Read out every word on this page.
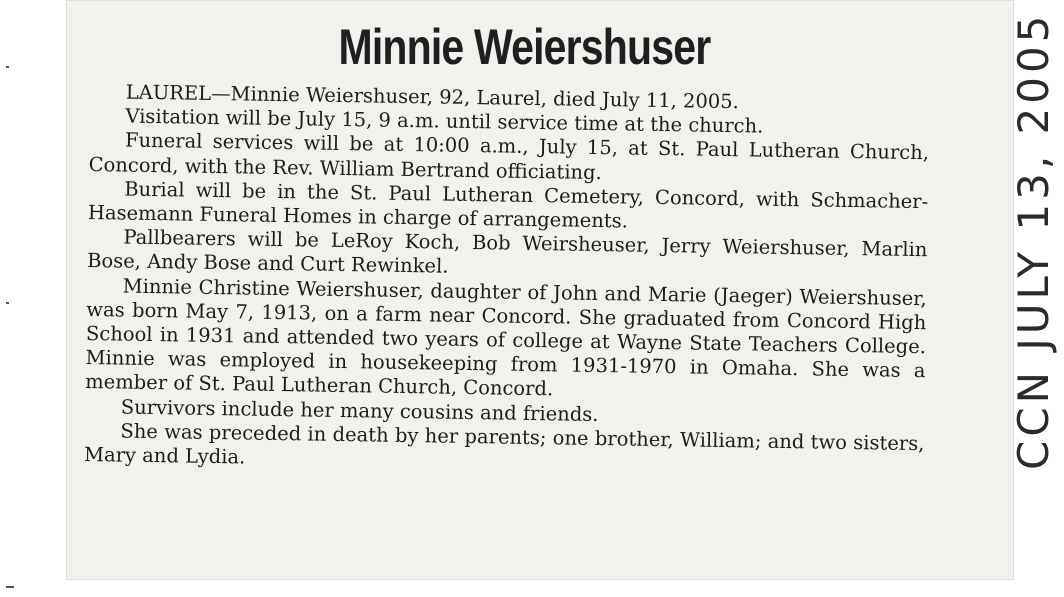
Minnie Weiershuser

LAUREL—Minnie Weiershuser, 92, Laurel, died July 11, 2005.

Visitation will be July 15, 9 a.m. until service time at the church.

Funeral services will be at 10:00 a.m., July 15, at St. Paul Lutheran Church, Concord, with the Rev. William Bertrand officiating.

Burial will be in the St. Paul Lutheran Cemetery, Concord, with Schmacher-Hasemann Funeral Homes in charge of arrangements.

Pallbearers will be LeRoy Koch, Bob Weirsheuser, Jerry Weiershuser, Marlin Bose, Andy Bose and Curt Rewinkel.

Minnie Christine Weiershuser, daughter of John and Marie (Jaeger) Weiershuser, was born May 7, 1913, on a farm near Concord. She graduated from Concord High School in 1931 and attended two years of college at Wayne State Teachers College. Minnie was employed in housekeeping from 1931-1970 in Omaha. She was a member of St. Paul Lutheran Church, Concord.

Survivors include her many cousins and friends.

She was preceded in death by her parents; one brother, William; and two sisters, Mary and Lydia.	CCN JULY 13, 2005
